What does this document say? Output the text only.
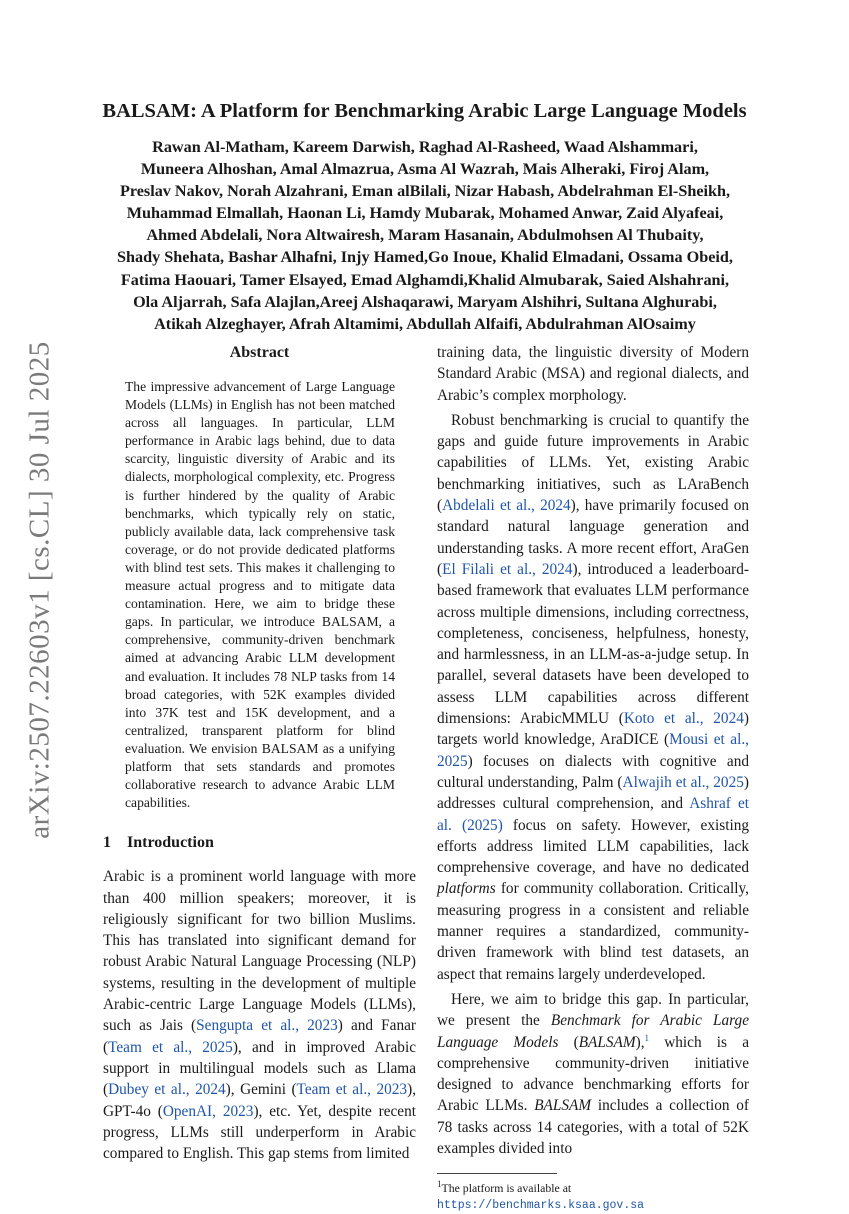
arXiv:2507.22603v1 [cs.CL] 30 Jul 2025
BALSAM: A Platform for Benchmarking Arabic Large Language Models
Rawan Al-Matham, Kareem Darwish, Raghad Al-Rasheed, Waad Alshammari,
Muneera Alhoshan, Amal Almazrua, Asma Al Wazrah, Mais Alheraki, Firoj Alam,
Preslav Nakov, Norah Alzahrani, Eman alBilali, Nizar Habash, Abdelrahman El-Sheikh,
Muhammad Elmallah, Haonan Li, Hamdy Mubarak, Mohamed Anwar, Zaid Alyafeai,
Ahmed Abdelali, Nora Altwairesh, Maram Hasanain, Abdulmohsen Al Thubaity,
Shady Shehata, Bashar Alhafni, Injy Hamed,Go Inoue, Khalid Elmadani, Ossama Obeid,
Fatima Haouari, Tamer Elsayed, Emad Alghamdi,Khalid Almubarak, Saied Alshahrani,
Ola Aljarrah, Safa Alajlan,Areej Alshaqarawi, Maryam Alshihri, Sultana Alghurabi,
Atikah Alzeghayer, Afrah Altamimi, Abdullah Alfaifi, Abdulrahman AlOsaimy
Abstract

The impressive advancement of Large Language Models (LLMs) in English has not been matched across all languages. In particular, LLM performance in Arabic lags behind, due to data scarcity, linguistic diversity of Arabic and its dialects, morphological complexity, etc. Progress is further hindered by the quality of Arabic benchmarks, which typically rely on static, publicly available data, lack comprehensive task coverage, or do not provide dedicated platforms with blind test sets. This makes it challenging to measure actual progress and to mitigate data contamination. Here, we aim to bridge these gaps. In particular, we introduce BALSAM, a comprehensive, community-driven benchmark aimed at advancing Arabic LLM development and evaluation. It includes 78 NLP tasks from 14 broad categories, with 52K examples divided into 37K test and 15K development, and a centralized, transparent platform for blind evaluation. We envision BALSAM as a unifying platform that sets standards and promotes collaborative research to advance Arabic LLM capabilities.

1 Introduction

Arabic is a prominent world language with more than 400 million speakers; moreover, it is religiously significant for two billion Muslims. This has translated into significant demand for robust Arabic Natural Language Processing (NLP) systems, resulting in the development of multiple Arabic-centric Large Language Models (LLMs), such as Jais (Sengupta et al., 2023) and Fanar (Team et al., 2025), and in improved Arabic support in multilingual models such as Llama (Dubey et al., 2024), Gemini (Team et al., 2023), GPT-4o (OpenAI, 2023), etc. Yet, despite recent progress, LLMs still underperform in Arabic compared to English. This gap stems from limited

training data, the linguistic diversity of Modern Standard Arabic (MSA) and regional dialects, and Arabic’s complex morphology.

Robust benchmarking is crucial to quantify the gaps and guide future improvements in Arabic capabilities of LLMs. Yet, existing Arabic benchmarking initiatives, such as LAraBench (Abdelali et al., 2024), have primarily focused on standard natural language generation and understanding tasks. A more recent effort, AraGen (El Filali et al., 2024), introduced a leaderboard-based framework that evaluates LLM performance across multiple dimensions, including correctness, completeness, conciseness, helpfulness, honesty, and harmlessness, in an LLM-as-a-judge setup. In parallel, several datasets have been developed to assess LLM capabilities across different dimensions: ArabicMMLU (Koto et al., 2024) targets world knowledge, AraDICE (Mousi et al., 2025) focuses on dialects with cognitive and cultural understanding, Palm (Alwajih et al., 2025) addresses cultural comprehension, and Ashraf et al. (2025) focus on safety. However, existing efforts address limited LLM capabilities, lack comprehensive coverage, and have no dedicated platforms for community collaboration. Critically, measuring progress in a consistent and reliable manner requires a standardized, community-driven framework with blind test datasets, an aspect that remains largely underdeveloped.

Here, we aim to bridge this gap. In particular, we present the Benchmark for Arabic Large Language Models (BALSAM),$^1$ which is a comprehensive community-driven initiative designed to advance benchmarking efforts for Arabic LLMs. BALSAM includes a collection of 78 tasks across 14 categories, with a total of 52K examples divided into

$^1$The platform is available at https://benchmarks.ksaa.gov.sa
